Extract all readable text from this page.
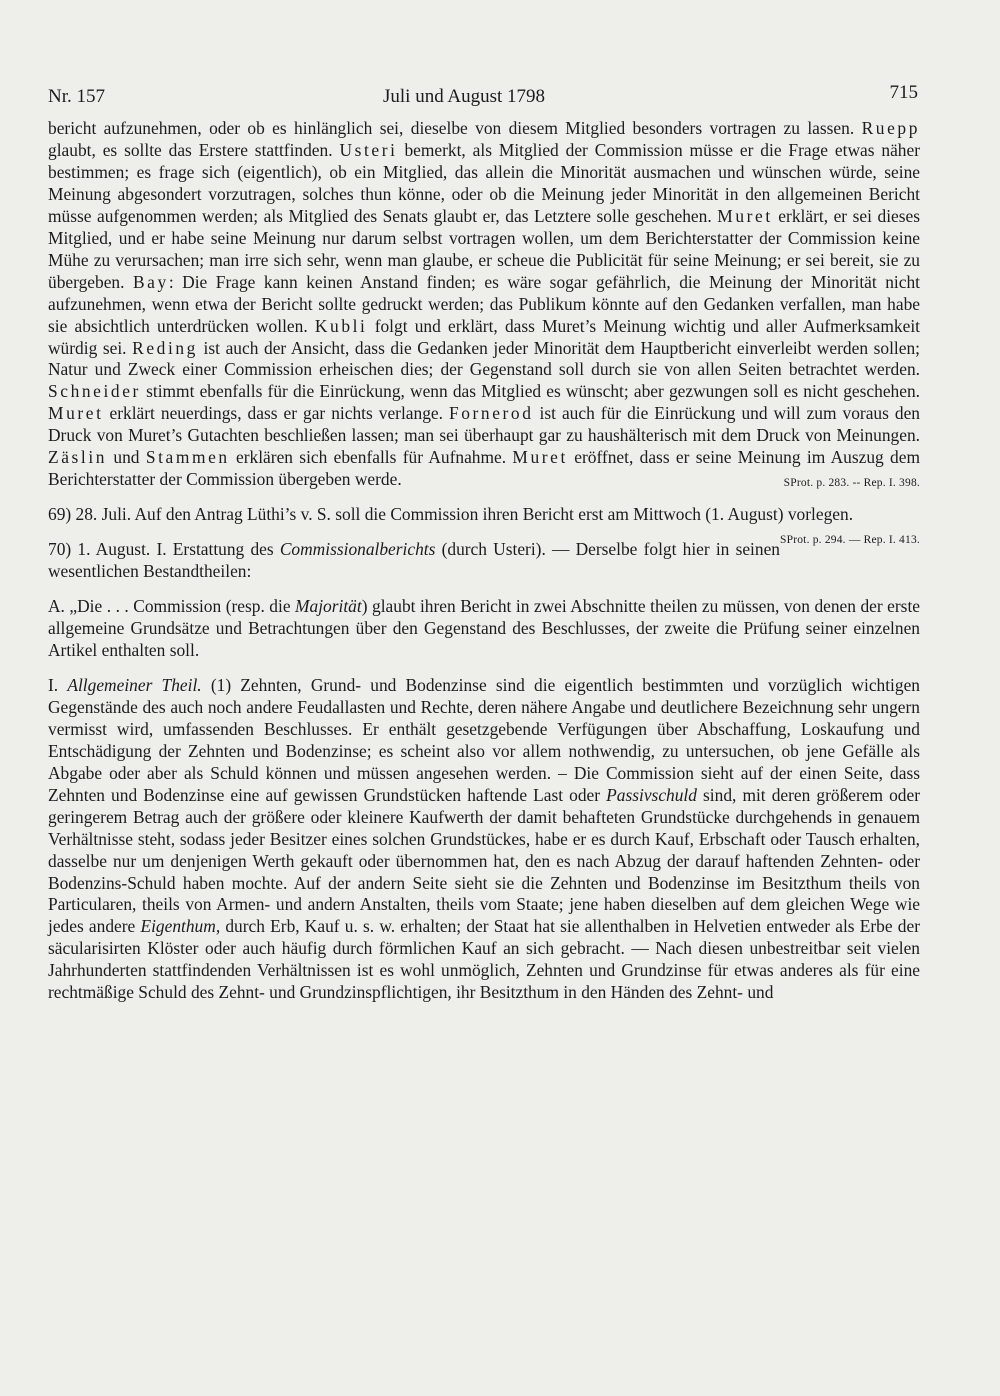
Nr. 157	Juli und August 1798	715

bericht aufzunehmen, oder ob es hinlänglich sei, dieselbe von diesem Mitglied besonders vortragen zu lassen. Ruepp glaubt, es sollte das Erstere stattfinden. Usteri bemerkt, als Mitglied der Commission müsse er die Frage etwas näher bestimmen; es frage sich (eigentlich), ob ein Mitglied, das allein die Minorität ausmachen und wünschen würde, seine Meinung abgesondert vorzutragen, solches thun könne, oder ob die Meinung jeder Minorität in den allgemeinen Bericht müsse aufgenommen werden; als Mitglied des Senats glaubt er, das Letztere solle geschehen. Muret erklärt, er sei dieses Mitglied, und er habe seine Meinung nur darum selbst vortragen wollen, um dem Berichterstatter der Commission keine Mühe zu verursachen; man irre sich sehr, wenn man glaube, er scheue die Publicität für seine Meinung; er sei bereit, sie zu übergeben. Bay: Die Frage kann keinen Anstand finden; es wäre sogar gefährlich, die Meinung der Minorität nicht aufzunehmen, wenn etwa der Bericht sollte gedruckt werden; das Publikum könnte auf den Gedanken verfallen, man habe sie absichtlich unterdrücken wollen. Kubli folgt und erklärt, dass Muret’s Meinung wichtig und aller Aufmerksamkeit würdig sei. Reding ist auch der Ansicht, dass die Gedanken jeder Minorität dem Hauptbericht einverleibt werden sollen; Natur und Zweck einer Commission erheischen dies; der Gegenstand soll durch sie von allen Seiten betrachtet werden. Schneider stimmt ebenfalls für die Einrückung, wenn das Mitglied es wünscht; aber gezwungen soll es nicht geschehen. Muret erklärt neuerdings, dass er gar nichts verlange. Fornerod ist auch für die Einrückung und will zum voraus den Druck von Muret’s Gutachten beschließen lassen; man sei überhaupt gar zu haushälterisch mit dem Druck von Meinungen. Zäslin und Stammen erklären sich ebenfalls für Aufnahme. Muret eröffnet, dass er seine Meinung im Auszug dem Berichterstatter der Commission übergeben werde.	SProt. p. 283. -- Rep. I. 398.

69) 28. Juli. Auf den Antrag Lüthi’s v. S. soll die Commission ihren Bericht erst am Mittwoch (1. August) vorlegen.
SProt. p. 294. — Rep. I. 413.

70) 1. August. I. Erstattung des Commissionalberichts (durch Usteri). — Derselbe folgt hier in seinen wesentlichen Bestandtheilen:

A. „Die . . . Commission (resp. die Majorität) glaubt ihren Bericht in zwei Abschnitte theilen zu müssen, von denen der erste allgemeine Grundsätze und Betrachtungen über den Gegenstand des Beschlusses, der zweite die Prüfung seiner einzelnen Artikel enthalten soll.

I. Allgemeiner Theil. (1) Zehnten, Grund- und Bodenzinse sind die eigentlich bestimmten und vorzüglich wichtigen Gegenstände des auch noch andere Feudallasten und Rechte, deren nähere Angabe und deutlichere Bezeichnung sehr ungern vermisst wird, umfassenden Beschlusses. Er enthält gesetzgebende Verfügungen über Abschaffung, Loskaufung und Entschädigung der Zehnten und Bodenzinse; es scheint also vor allem nothwendig, zu untersuchen, ob jene Gefälle als Abgabe oder aber als Schuld können und müssen angesehen werden. – Die Commission sieht auf der einen Seite, dass Zehnten und Bodenzinse eine auf gewissen Grundstücken haftende Last oder Passivschuld sind, mit deren größerem oder geringerem Betrag auch der größere oder kleinere Kaufwerth der damit behafteten Grundstücke durchgehends in genauem Verhältnisse steht, sodass jeder Besitzer eines solchen Grundstückes, habe er es durch Kauf, Erbschaft oder Tausch erhalten, dasselbe nur um denjenigen Werth gekauft oder übernommen hat, den es nach Abzug der darauf haftenden Zehnten- oder Bodenzins-Schuld haben mochte. Auf der andern Seite sieht sie die Zehnten und Bodenzinse im Besitzthum theils von Particularen, theils von Armen- und andern Anstalten, theils vom Staate; jene haben dieselben auf dem gleichen Wege wie jedes andere Eigenthum, durch Erb, Kauf u. s. w. erhalten; der Staat hat sie allenthalben in Helvetien entweder als Erbe der säcularisirten Klöster oder auch häufig durch förmlichen Kauf an sich gebracht. — Nach diesen unbestreitbar seit vielen Jahrhunderten stattfindenden Verhältnissen ist es wohl unmöglich, Zehnten und Grundzinse für etwas anderes als für eine rechtmäßige Schuld des Zehnt- und Grundzinspflichtigen, ihr Besitzthum in den Händen des Zehnt- und
